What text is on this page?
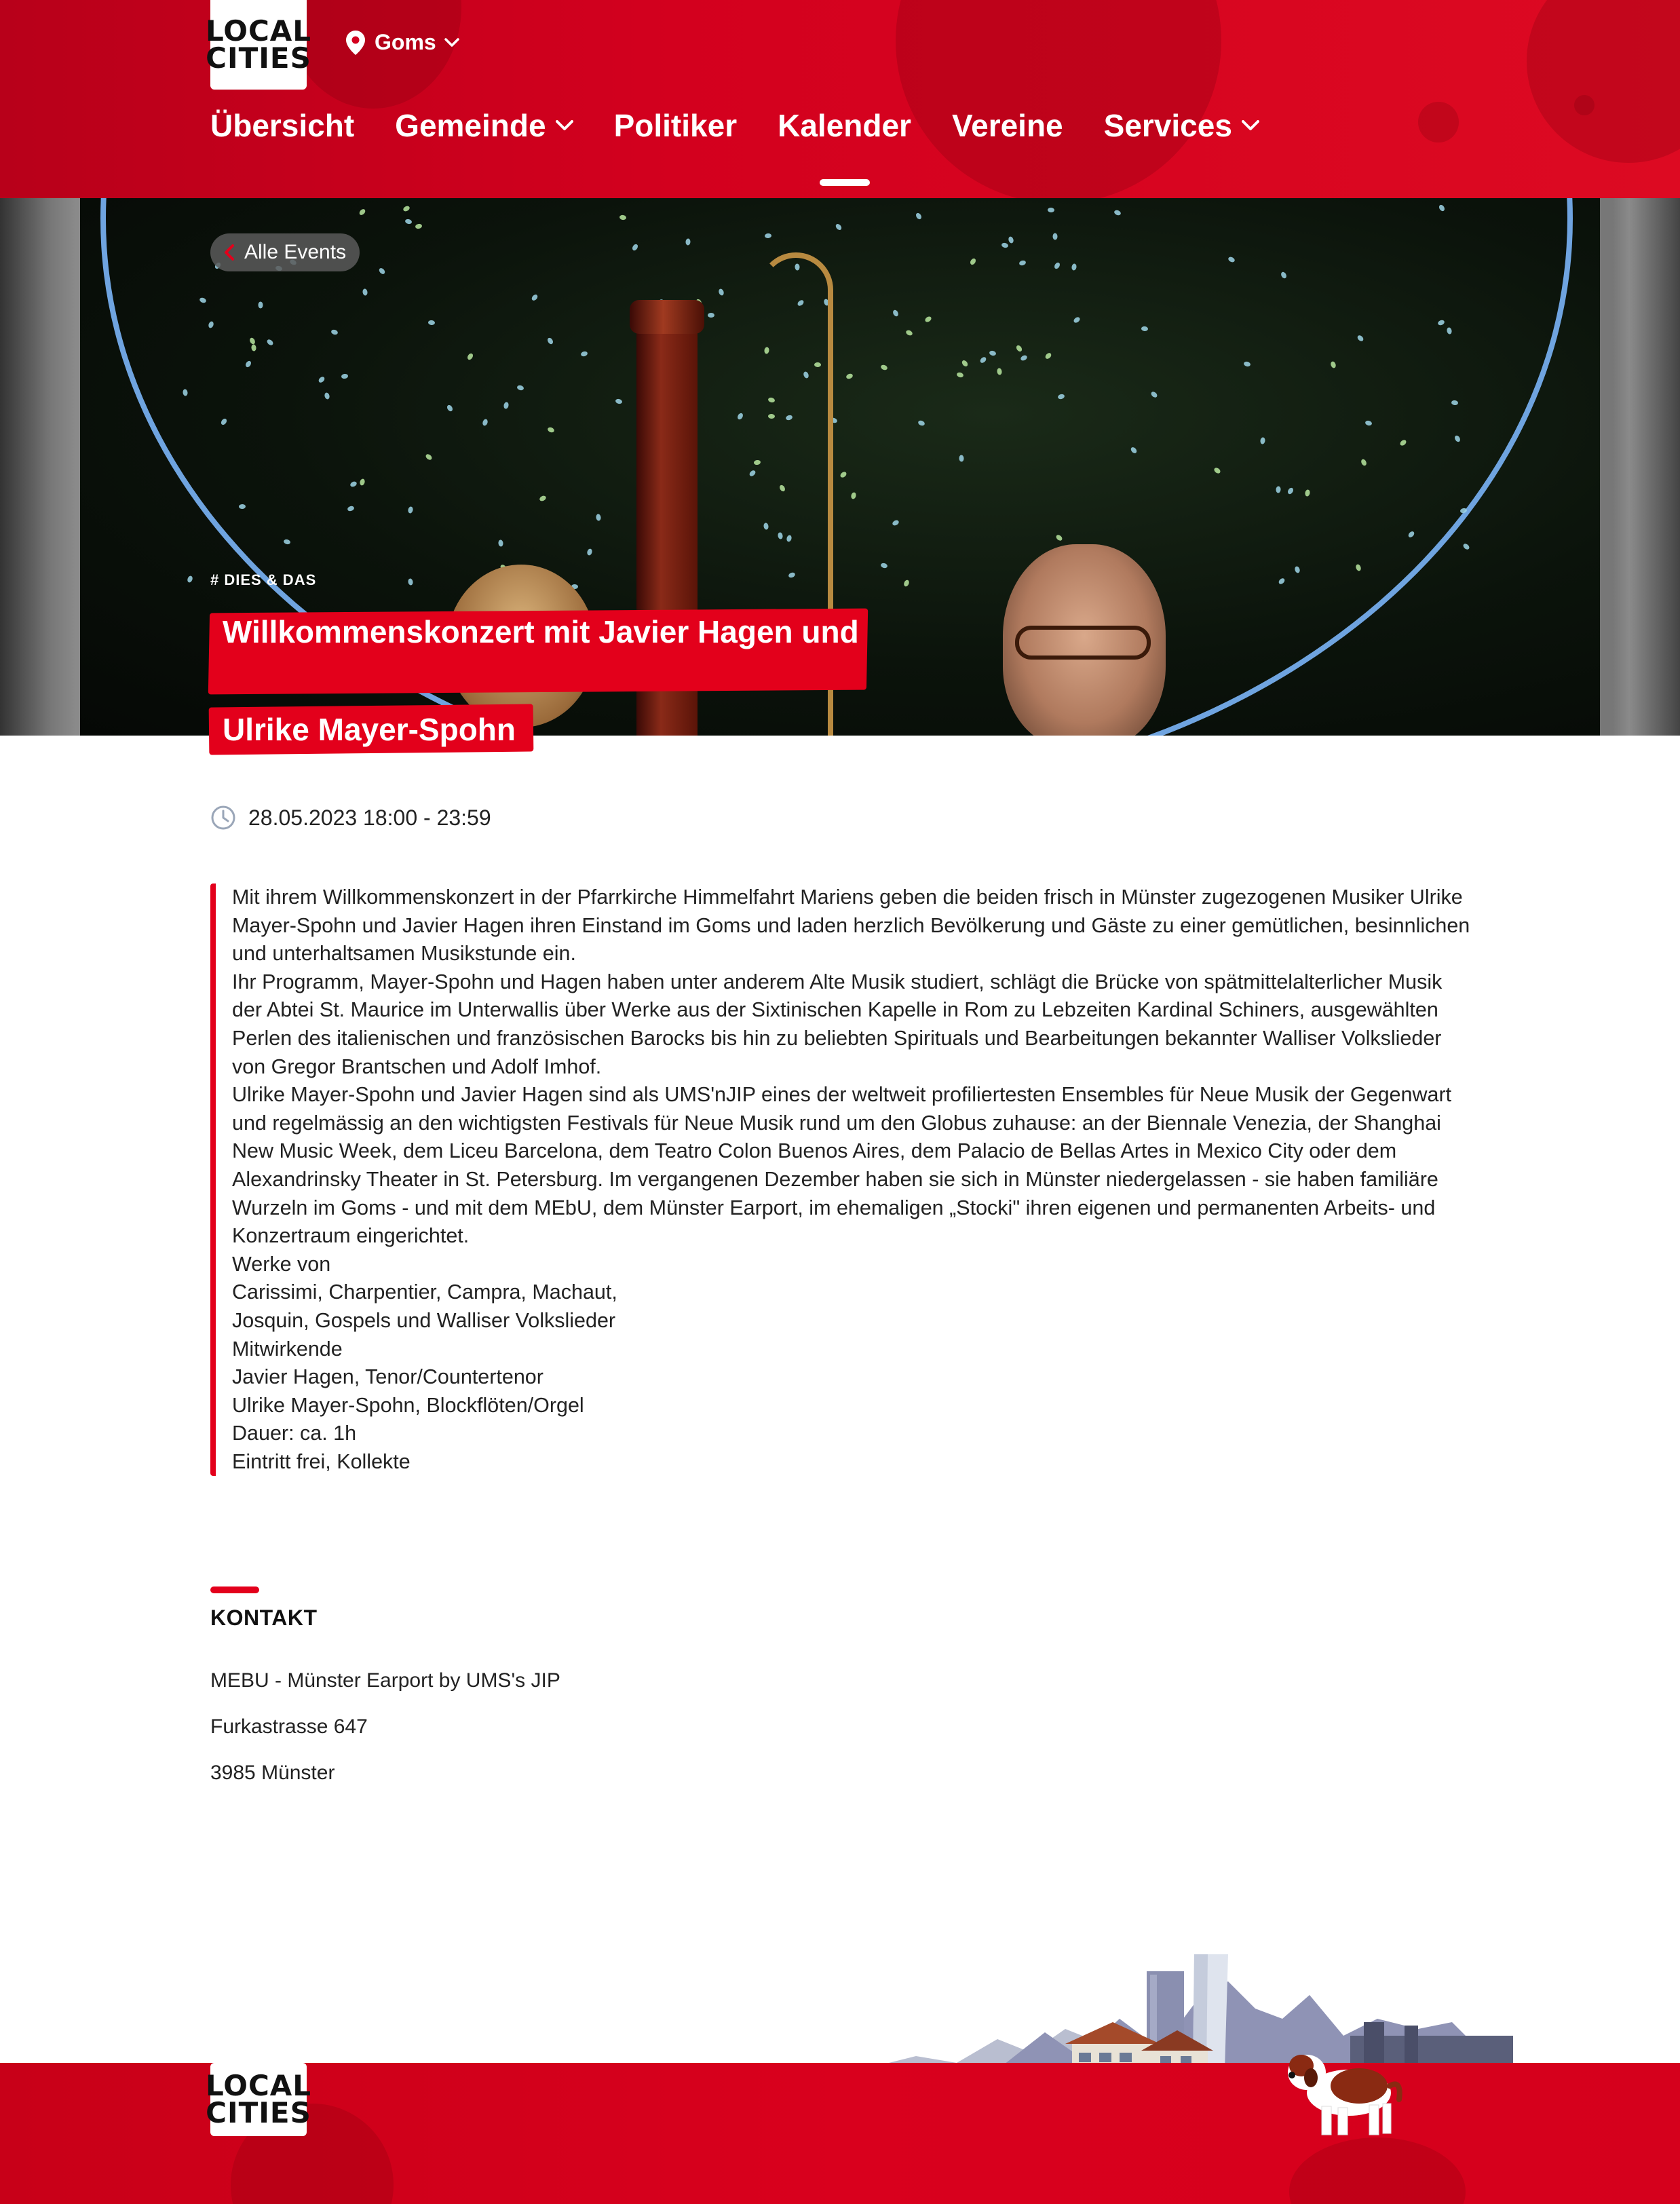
LOCAL
CITIES	Goms
Übersicht Gemeinde Politiker Kalender Vereine Services
Alle Events
# DIES & DAS
Willkommenskonzert mit Javier Hagen und
Ulrike Mayer-Spohn
28.05.2023 18:00 - 23:59

Mit ihrem Willkommenskonzert in der Pfarrkirche Himmelfahrt Mariens geben die beiden frisch in Münster zugezogenen Musiker Ulrike Mayer-Spohn und Javier Hagen ihren Einstand im Goms und laden herzlich Bevölkerung und Gäste zu einer gemütlichen, besinnlichen und unterhaltsamen Musikstunde ein.

Ihr Programm, Mayer-Spohn und Hagen haben unter anderem Alte Musik studiert, schlägt die Brücke von spätmittelalterlicher Musik der Abtei St. Maurice im Unterwallis über Werke aus der Sixtinischen Kapelle in Rom zu Lebzeiten Kardinal Schiners, ausgewählten Perlen des italienischen und französischen Barocks bis hin zu beliebten Spirituals und Bearbeitungen bekannter Walliser Volkslieder von Gregor Brantschen und Adolf Imhof.

Ulrike Mayer-Spohn und Javier Hagen sind als UMS'nJIP eines der weltweit profiliertesten Ensembles für Neue Musik der Gegenwart und regelmässig an den wichtigsten Festivals für Neue Musik rund um den Globus zuhause: an der Biennale Venezia, der Shanghai New Music Week, dem Liceu Barcelona, dem Teatro Colon Buenos Aires, dem Palacio de Bellas Artes in Mexico City oder dem Alexandrinsky Theater in St. Petersburg. Im vergangenen Dezember haben sie sich in Münster niedergelassen - sie haben familiäre Wurzeln im Goms - und mit dem MEbU, dem Münster Earport, im ehemaligen „Stocki" ihren eigenen und permanenten Arbeits- und Konzertraum eingerichtet.

Werke von

Carissimi, Charpentier, Campra, Machaut,

Josquin, Gospels und Walliser Volkslieder

Mitwirkende

Javier Hagen, Tenor/Countertenor

Ulrike Mayer-Spohn, Blockflöten/Orgel

Dauer: ca. 1h

Eintritt frei, Kollekte

KONTAKT
MEBU - Münster Earport by UMS's JIP
Furkastrasse 647
3985 Münster
LOCAL
CITIES
